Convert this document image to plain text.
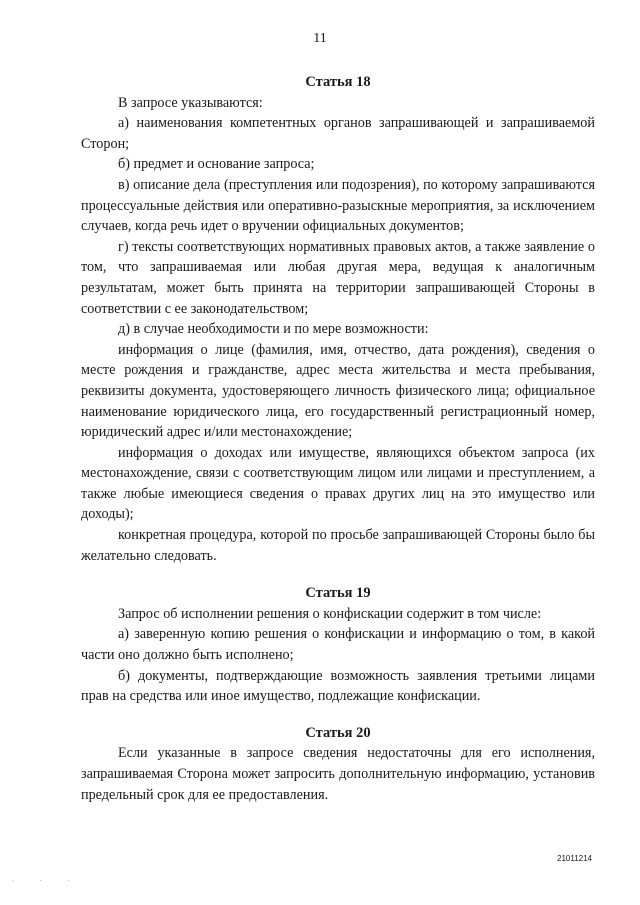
11
Статья 18

В запросе указываются:

а) наименования компетентных органов запрашивающей и запрашиваемой Сторон;

б) предмет и основание запроса;

в) описание дела (преступления или подозрения), по которому запрашиваются процессуальные действия или оперативно-разыскные мероприятия, за исключением случаев, когда речь идет о вручении официальных документов;

г) тексты соответствующих нормативных правовых актов, а также заявление о том, что запрашиваемая или любая другая мера, ведущая к аналогичным результатам, может быть принята на территории запрашивающей Стороны в соответствии с ее законодательством;

д) в случае необходимости и по мере возможности:

информация о лице (фамилия, имя, отчество, дата рождения), сведения о месте рождения и гражданстве, адрес места жительства и места пребывания, реквизиты документа, удостоверяющего личность физического лица; официальное наименование юридического лица, его государственный регистрационный номер, юридический адрес и/или местонахождение;

информация о доходах или имуществе, являющихся объектом запроса (их местонахождение, связи с соответствующим лицом или лицами и преступлением, а также любые имеющиеся сведения о правах других лиц на это имущество или доходы);

конкретная процедура, которой по просьбе запрашивающей Стороны было бы желательно следовать.

Статья 19

Запрос об исполнении решения о конфискации содержит в том числе:

а) заверенную копию решения о конфискации и информацию о том, в какой части оно должно быть исполнено;

б) документы, подтверждающие возможность заявления третьими лицами прав на средства или иное имущество, подлежащие конфискации.

Статья 20

Если указанные в запросе сведения недостаточны для его исполнения, запрашиваемая Сторона может запросить дополнительную информацию, установив предельный срок для ее предоставления.

21011214
· · ·
